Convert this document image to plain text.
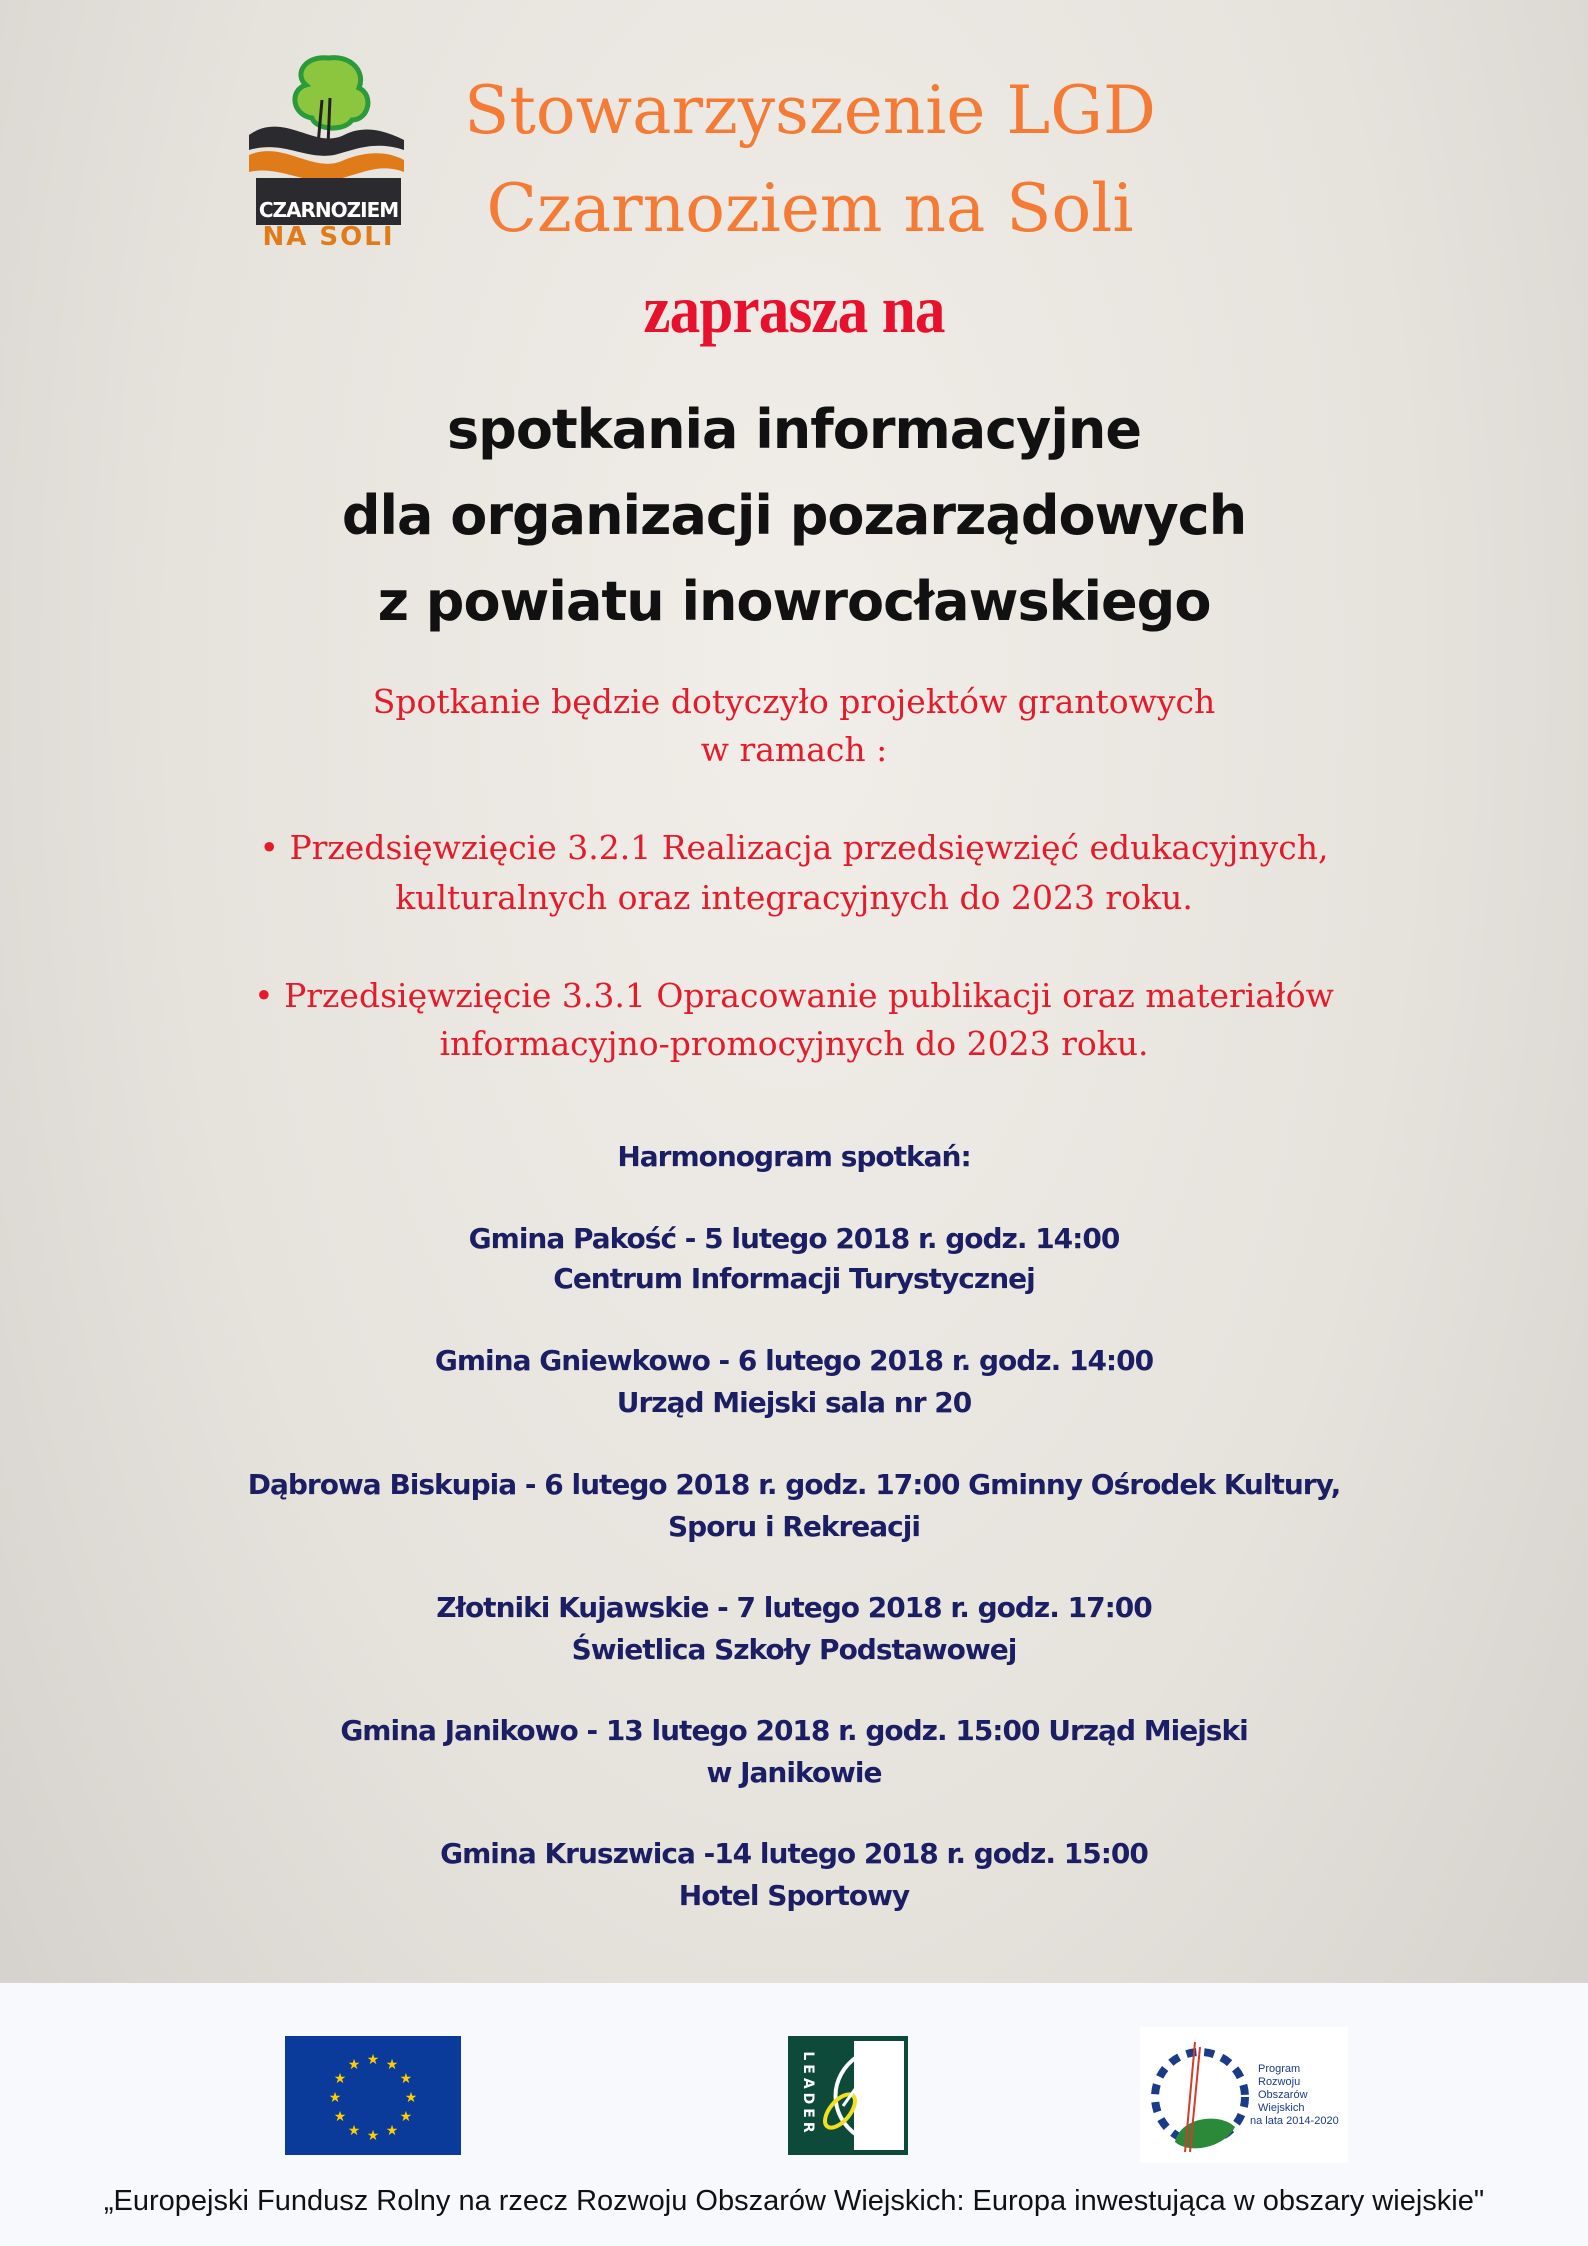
CZARNOZIEM
NA SOLI
Stowarzyszenie LGD
Czarnoziem na Soli
zaprasza na
spotkania informacyjne
dla organizacji pozarządowych
z powiatu inowrocławskiego
Spotkanie będzie dotyczyło projektów grantowych
w ramach :
• Przedsięwzięcie 3.2.1 Realizacja przedsięwzięć edukacyjnych,
kulturalnych oraz integracyjnych do 2023 roku.
• Przedsięwzięcie 3.3.1 Opracowanie publikacji oraz materiałów
informacyjno-promocyjnych do 2023 roku.
Harmonogram spotkań:
Gmina Pakość - 5 lutego 2018 r. godz. 14:00
Centrum Informacji Turystycznej
Gmina Gniewkowo - 6 lutego 2018 r. godz. 14:00
Urząd Miejski sala nr 20
Dąbrowa Biskupia - 6 lutego 2018 r. godz. 17:00 Gminny Ośrodek Kultury,
Sporu i Rekreacji
Złotniki Kujawskie - 7 lutego 2018 r. godz. 17:00
Świetlica Szkoły Podstawowej
Gmina Janikowo - 13 lutego 2018 r. godz. 15:00 Urząd Miejski
w Janikowie
Gmina Kruszwica -14 lutego 2018 r. godz. 15:00
Hotel Sportowy
★ ★
★
★
★
★
★
★
★
★
★
★	LEADER	Program
Rozwoju
Obszarów
Wiejskich
na lata 2014-2020
„Europejski Fundusz Rolny na rzecz Rozwoju Obszarów Wiejskich: Europa inwestująca w obszary wiejskie"
